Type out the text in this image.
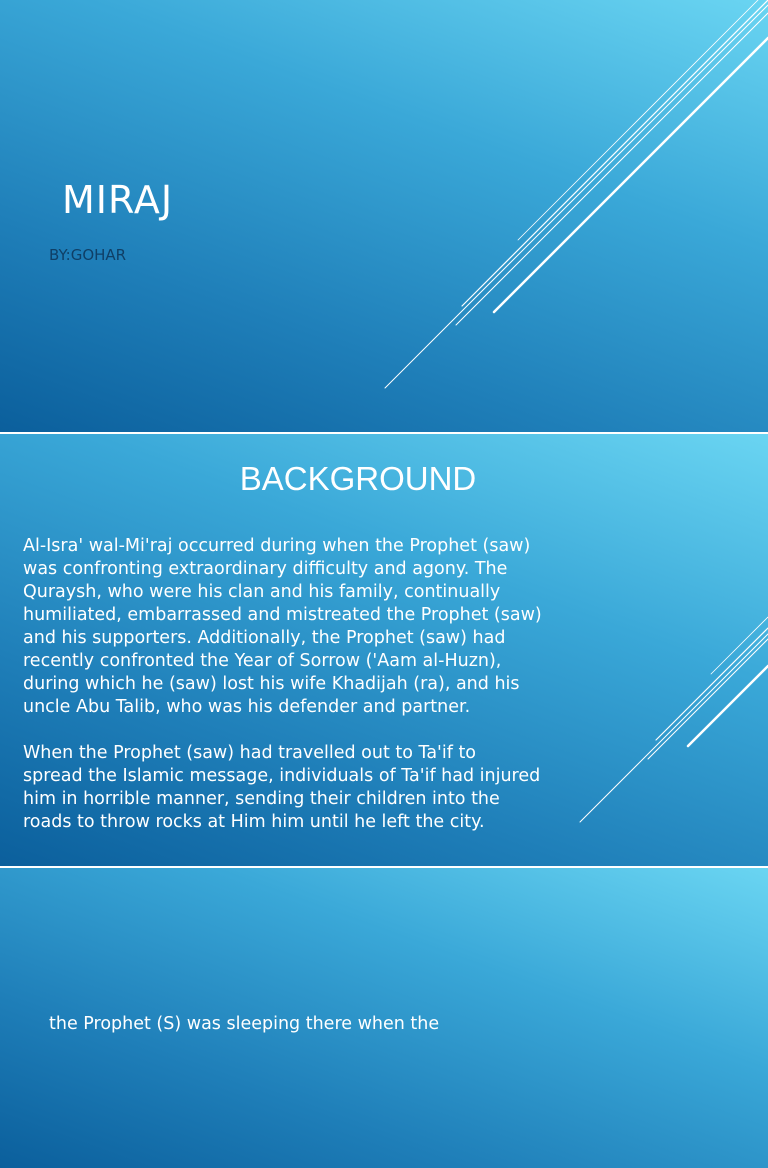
MIRAJ

BY:GOHAR

BACKGROUND

Al-Isra' wal-Mi'raj occurred during when the Prophet (saw)
was confronting extraordinary difficulty and agony. The
Quraysh, who were his clan and his family, continually
humiliated, embarrassed and mistreated the Prophet (saw)
and his supporters. Additionally, the Prophet (saw) had
recently confronted the Year of Sorrow ('Aam al-Huzn),
during which he (saw) lost his wife Khadijah (ra), and his
uncle Abu Talib, who was his defender and partner.

When the Prophet (saw) had travelled out to Ta'if to
spread the Islamic message, individuals of Ta'if had injured
him in horrible manner, sending their children into the
roads to throw rocks at Him him until he left the city.

the Prophet (S) was sleeping there when the
